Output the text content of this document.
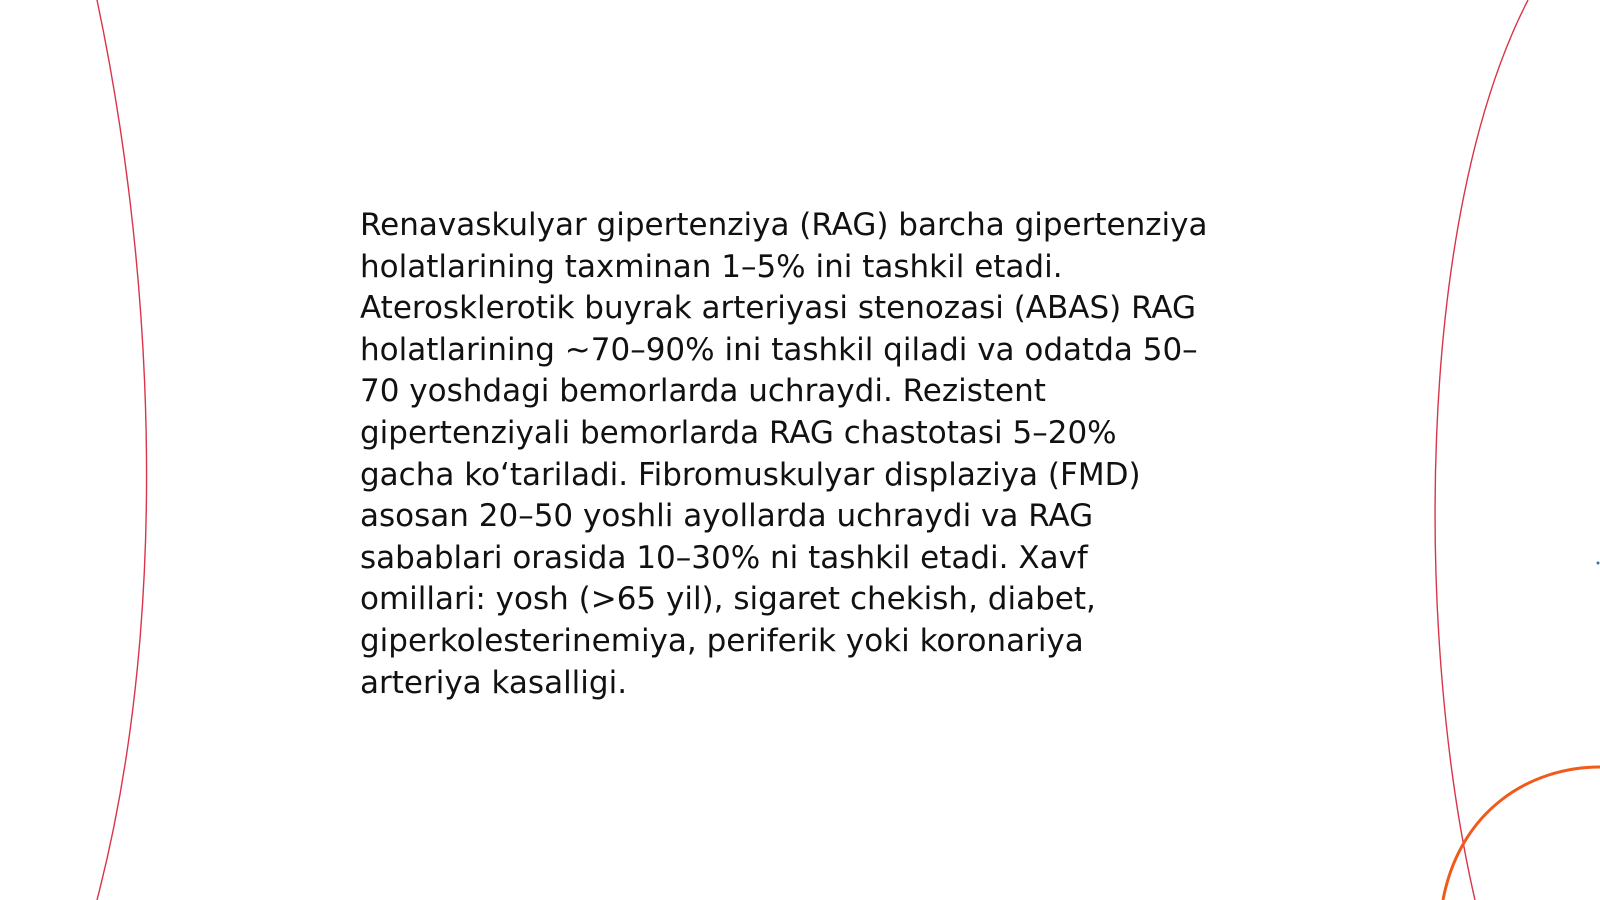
Renavaskulyar gipertenziya (RAG) barcha gipertenziya
holatlarining taxminan 1–5% ini tashkil etadi.
Aterosklerotik buyrak arteriyasi stenozasi (ABAS) RAG
holatlarining ~70–90% ini tashkil qiladi va odatda 50–
70 yoshdagi bemorlarda uchraydi. Rezistent
gipertenziyali bemorlarda RAG chastotasi 5–20%
gacha ko‘tariladi. Fibromuskulyar displaziya (FMD)
asosan 20–50 yoshli ayollarda uchraydi va RAG
sabablari orasida 10–30% ni tashkil etadi. Xavf
omillari: yosh (>65 yil), sigaret chekish, diabet,
giperkolesterinemiya, periferik yoki koronariya
arteriya kasalligi.
